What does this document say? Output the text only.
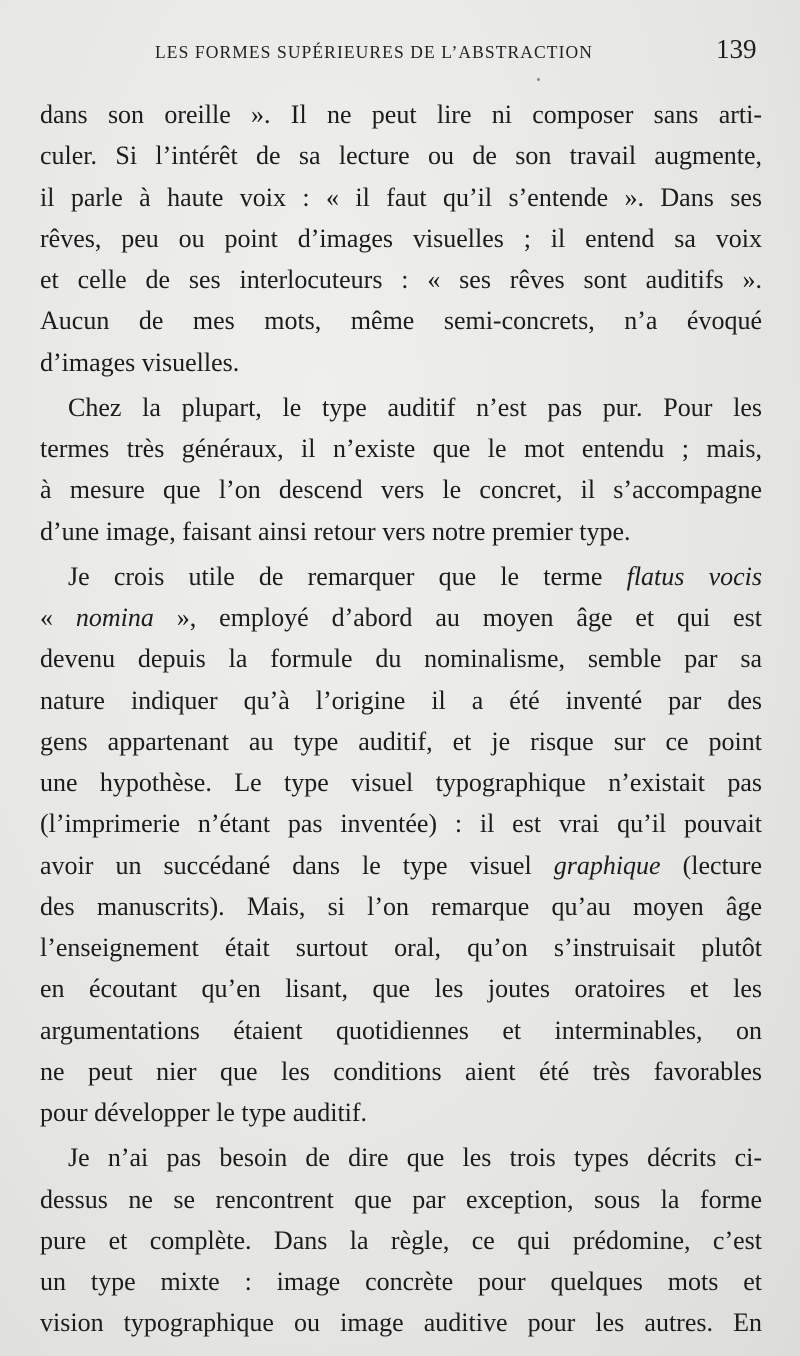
LES FORMES SUPÉRIEURES DE L’ABSTRACTION	139
dans son oreille ». Il ne peut lire ni composer sans arti-
culer. Si l’intérêt de sa lecture ou de son travail augmente,
il parle à haute voix : « il faut qu’il s’entende ». Dans ses
rêves, peu ou point d’images visuelles ; il entend sa voix
et celle de ses interlocuteurs : « ses rêves sont auditifs ».
Aucun de mes mots, même semi-concrets, n’a évoqué
d’images visuelles.
Chez la plupart, le type auditif n’est pas pur. Pour les
termes très généraux, il n’existe que le mot entendu ; mais,
à mesure que l’on descend vers le concret, il s’accompagne
d’une image, faisant ainsi retour vers notre premier type.
Je crois utile de remarquer que le terme flatus vocis
« nomina », employé d’abord au moyen âge et qui est
devenu depuis la formule du nominalisme, semble par sa
nature indiquer qu’à l’origine il a été inventé par des
gens appartenant au type auditif, et je risque sur ce point
une hypothèse. Le type visuel typographique n’existait pas
(l’imprimerie n’étant pas inventée) : il est vrai qu’il pouvait
avoir un succédané dans le type visuel graphique (lecture
des manuscrits). Mais, si l’on remarque qu’au moyen âge
l’enseignement était surtout oral, qu’on s’instruisait plutôt
en écoutant qu’en lisant, que les joutes oratoires et les
argumentations étaient quotidiennes et interminables, on
ne peut nier que les conditions aient été très favorables
pour développer le type auditif.
Je n’ai pas besoin de dire que les trois types décrits ci-
dessus ne se rencontrent que par exception, sous la forme
pure et complète. Dans la règle, ce qui prédomine, c’est
un type mixte : image concrète pour quelques mots et
vision typographique ou image auditive pour les autres. En
